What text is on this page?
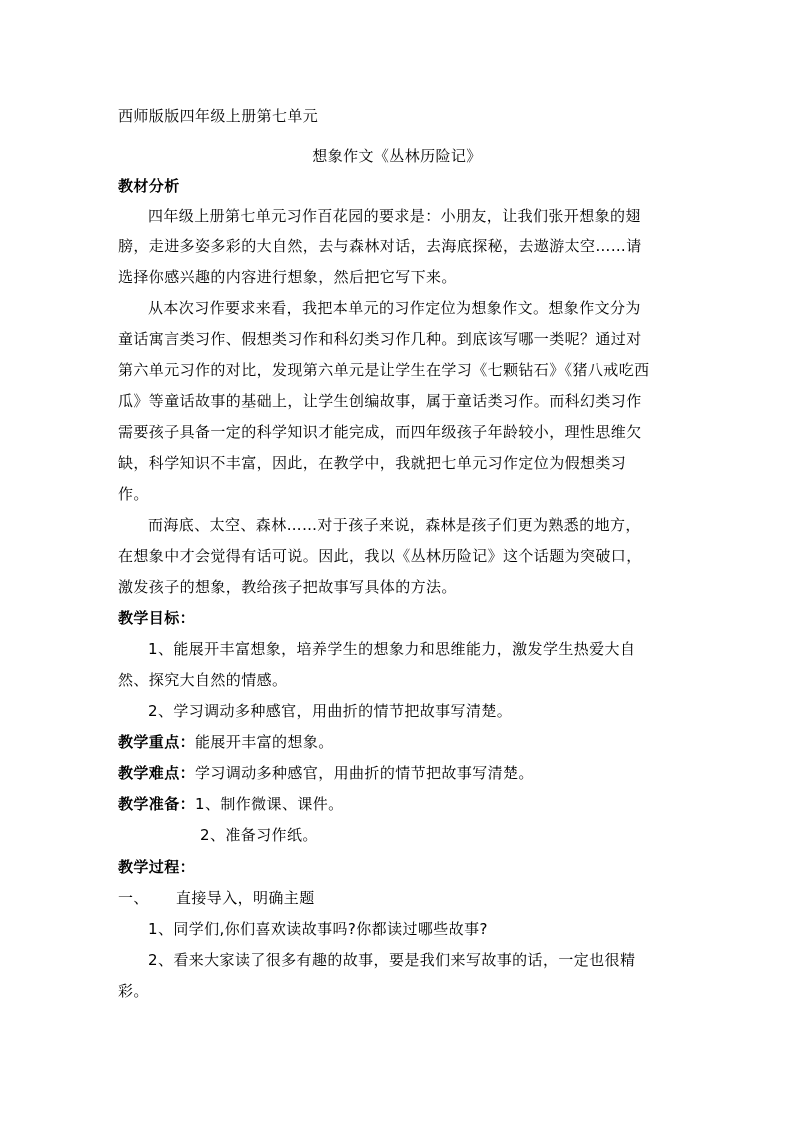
西师版版四年级上册第七单元

想象作文《丛林历险记》

教材分析

四年级上册第七单元习作百花园的要求是：小朋友，让我们张开想象的翅

膀，走进多姿多彩的大自然，去与森林对话，去海底探秘，去遨游太空……请

选择你感兴趣的内容进行想象，然后把它写下来。

从本次习作要求来看，我把本单元的习作定位为想象作文。想象作文分为

童话寓言类习作、假想类习作和科幻类习作几种。到底该写哪一类呢？通过对

第六单元习作的对比，发现第六单元是让学生在学习《七颗钻石》《猪八戒吃西

瓜》等童话故事的基础上，让学生创编故事，属于童话类习作。而科幻类习作

需要孩子具备一定的科学知识才能完成，而四年级孩子年龄较小，理性思维欠

缺，科学知识不丰富，因此，在教学中，我就把七单元习作定位为假想类习

作。

而海底、太空、森林……对于孩子来说，森林是孩子们更为熟悉的地方，

在想象中才会觉得有话可说。因此，我以《丛林历险记》这个话题为突破口，

激发孩子的想象，教给孩子把故事写具体的方法。

教学目标：

1、能展开丰富想象，培养学生的想象力和思维能力，激发学生热爱大自

然、探究大自然的情感。

2、学习调动多种感官，用曲折的情节把故事写清楚。

教学重点：能展开丰富的想象。

教学难点：学习调动多种感官，用曲折的情节把故事写清楚。

教学准备：1、制作微课、课件。

2、准备习作纸。

教学过程：

一、 直接导入，明确主题

1、同学们,你们喜欢读故事吗?你都读过哪些故事?

2、看来大家读了很多有趣的故事，要是我们来写故事的话，一定也很精

彩。
